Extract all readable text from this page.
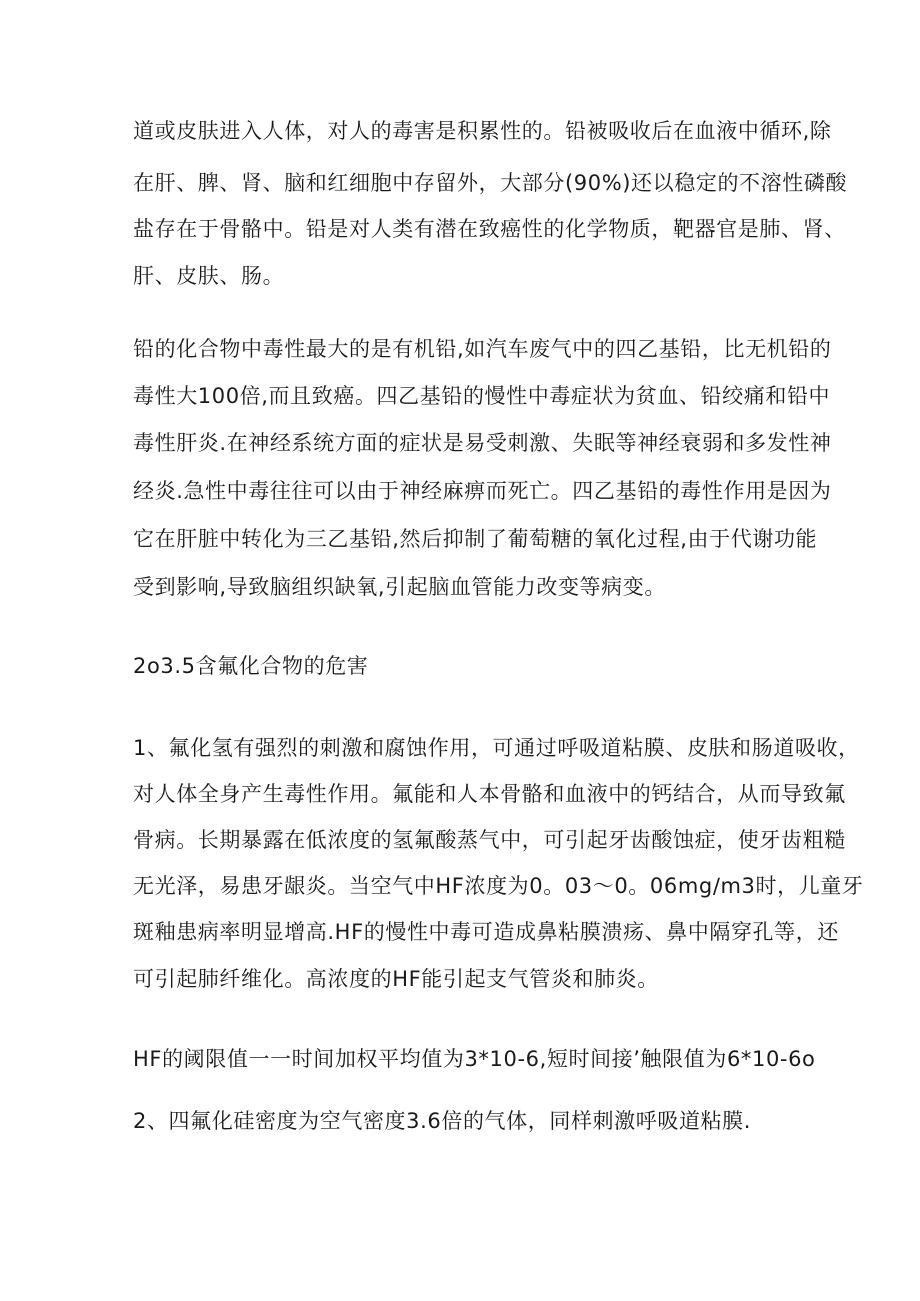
道或皮肤进入人体，对人的毒害是积累性的。铅被吸收后在血液中循环,除
在肝、脾、肾、脑和红细胞中存留外，大部分(90%)还以稳定的不溶性磷酸
盐存在于骨骼中。铅是对人类有潜在致癌性的化学物质，靶器官是肺、肾、
肝、皮肤、肠。
铅的化合物中毒性最大的是有机铅,如汽车废气中的四乙基铅，比无机铅的
毒性大100倍,而且致癌。四乙基铅的慢性中毒症状为贫血、铅绞痛和铅中
毒性肝炎.在神经系统方面的症状是易受刺激、失眠等神经衰弱和多发性神
经炎.急性中毒往往可以由于神经麻痹而死亡。四乙基铅的毒性作用是因为
它在肝脏中转化为三乙基铅,然后抑制了葡萄糖的氧化过程,由于代谢功能
受到影响,导致脑组织缺氧,引起脑血管能力改变等病变。
2o3.5含氟化合物的危害
1、氟化氢有强烈的刺激和腐蚀作用，可通过呼吸道粘膜、皮肤和肠道吸收，
对人体全身产生毒性作用。氟能和人本骨骼和血液中的钙结合，从而导致氟
骨病。长期暴露在低浓度的氢氟酸蒸气中，可引起牙齿酸蚀症，使牙齿粗糙
无光泽，易患牙龈炎。当空气中HF浓度为0。03～0。06mg∕m3时，儿童牙
斑釉患病率明显增高.HF的慢性中毒可造成鼻粘膜溃疡、鼻中隔穿孔等，还
可引起肺纤维化。高浓度的HF能引起支气管炎和肺炎。
HF的阈限值一一时间加权平均值为3*10-6,短时间接’触限值为6*10-6o
2、四氟化硅密度为空气密度3.6倍的气体，同样刺激呼吸道粘膜.
